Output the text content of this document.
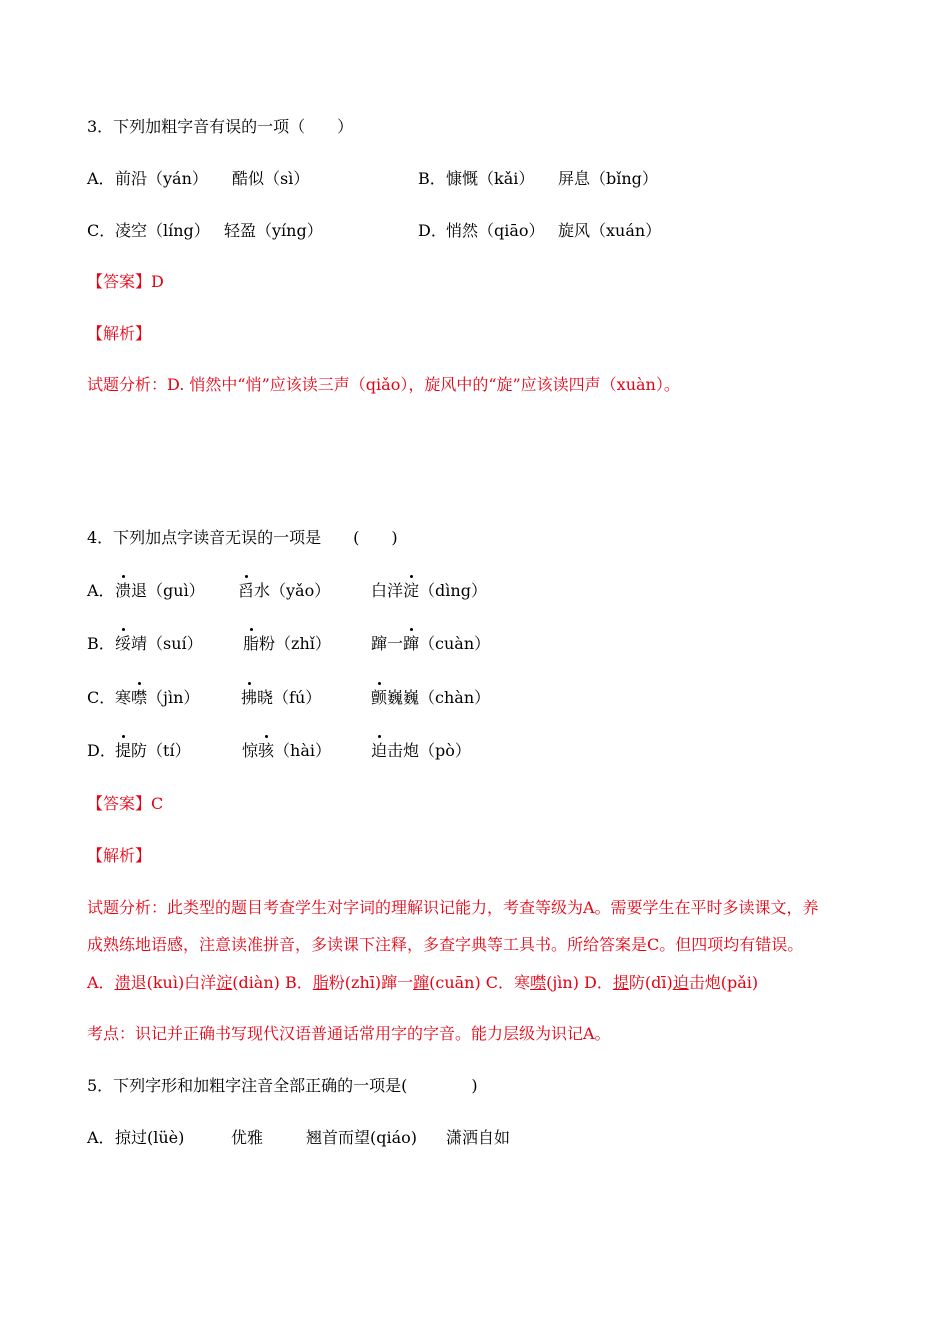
3．下列加粗字音有误的一项（　　）
A． 前沿（yán） 酷似（sì）	B． 慷慨（kǎi） 屏息（bǐng）
C． 凌空（líng） 轻盈（yíng）	D． 悄然（qiāo） 旋风（xuán）
【答案】D
【解析】
试题分析：D. 悄然中“悄”应该读三声（qiǎo），旋风中的“旋”应该读四声（xuàn）。
4．下列加点字读音无误的一项是　　(　　)
A． 溃退（guì） 舀水（yǎo）	白洋淀（dìng）
B． 绥靖（suí）	脂粉（zhǐ）	蹿一蹿（cuàn）
C． 寒噤（jìn）	拂晓（fú）	颤巍巍（chàn）
D． 提防（tí）	惊骇（hài）	迫击炮（pò）
【答案】C
【解析】
试题分析：此类型的题目考查学生对字词的理解识记能力，考查等级为A。需要学生在平时多读课文，养
成熟练地语感，注意读准拼音，多读课下注释，多查字典等工具书。所给答案是C。但四项均有错误。
A．溃退(kuì)白洋淀(diàn) B．脂粉(zhī)蹿一蹿(cuān) C．寒噤(jìn) D．提防(dī)迫击炮(pǎi)
考点：识记并正确书写现代汉语普通话常用字的字音。能力层级为识记A。
5．下列字形和加粗字注音全部正确的一项是(　　　　)
A． 掠过(lüè)	优雅	翘首而望(qiáo) 潇洒自如
